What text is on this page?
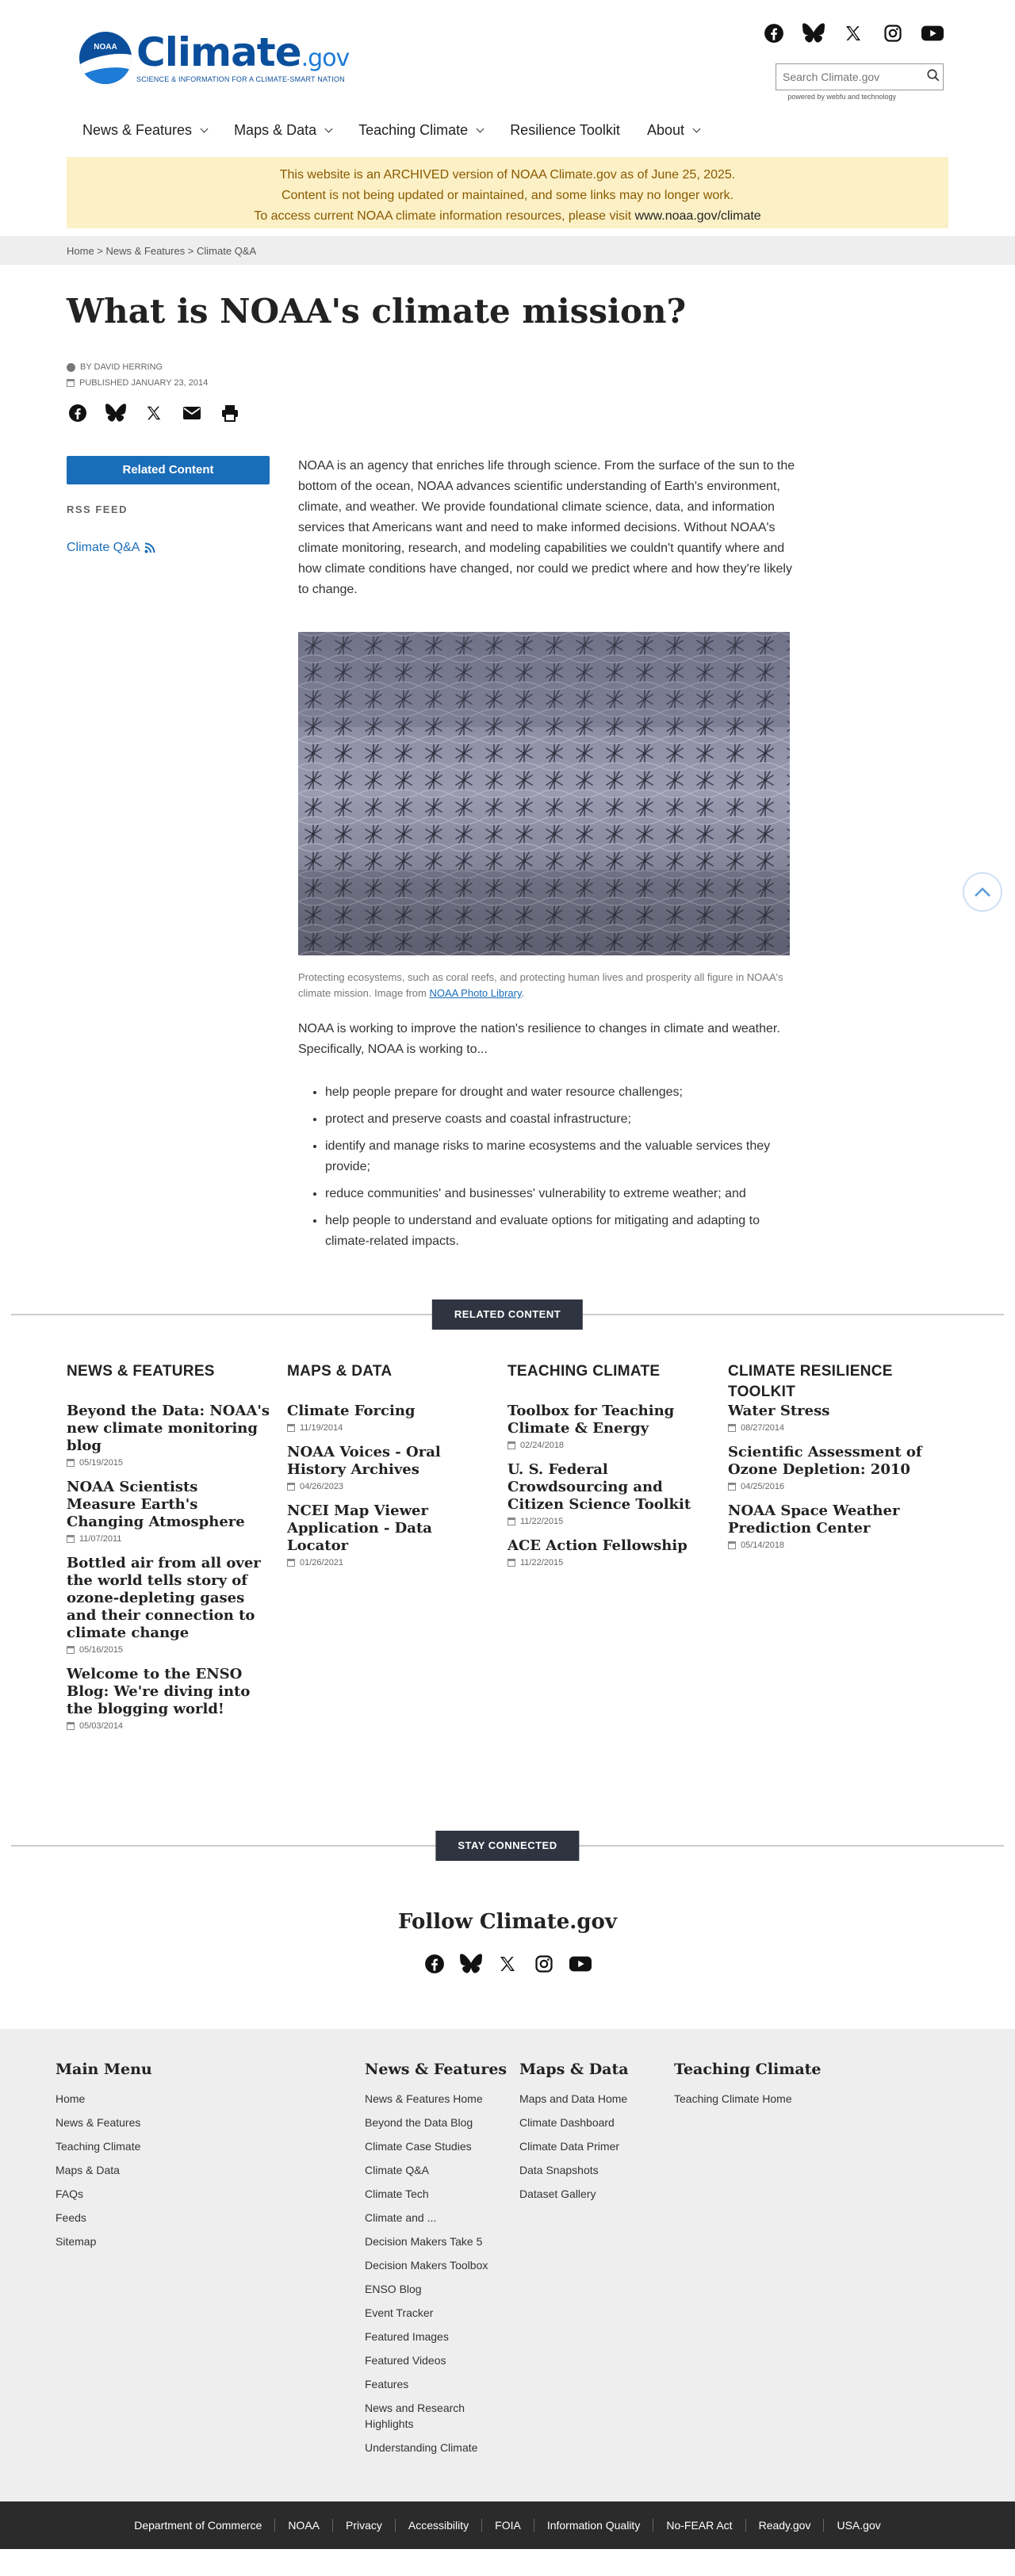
NOAA Climate.gov
SCIENCE & INFORMATION FOR A CLIMATE-SMART NATION
Search Climate.gov
powered by webfu and technology
News & Features	Maps & Data	Teaching Climate	Resilience Toolkit About
This website is an ARCHIVED version of NOAA Climate.gov as of June 25, 2025.
Content is not being updated or maintained, and some links may no longer work.
To access current NOAA climate information resources, please visit www.noaa.gov/climate
Home > News & Features > Climate Q&A
What is NOAA's climate mission?
BY DAVID HERRING
PUBLISHED JANUARY 23, 2014
Related Content
RSS FEED
Climate Q&A

NOAA is an agency that enriches life through science. From the surface of the sun to the bottom of the ocean, NOAA advances scientific understanding of Earth's environment, climate, and weather. We provide foundational climate science, data, and information services that Americans want and need to make informed decisions. Without NOAA's climate monitoring, research, and modeling capabilities we couldn't quantify where and how climate conditions have changed, nor could we predict where and how they're likely to change.

Protecting ecosystems, such as coral reefs, and protecting human lives and prosperity all figure in NOAA's climate mission. Image from NOAA Photo Library.

NOAA is working to improve the nation's resilience to changes in climate and weather. Specifically, NOAA is working to...

• help people prepare for drought and water resource challenges;
• protect and preserve coasts and coastal infrastructure;
• identify and manage risks to marine ecosystems and the valuable services they provide;
• reduce communities' and businesses' vulnerability to extreme weather; and
• help people to understand and evaluate options for mitigating and adapting to climate-related impacts.
RELATED CONTENT
NEWS & FEATURES
Beyond the Data: NOAA's new climate monitoring blog
05/19/2015
NOAA Scientists Measure Earth's Changing Atmosphere
11/07/2011
Bottled air from all over the world tells story of ozone-depleting gases and their connection to climate change
05/16/2015
Welcome to the ENSO Blog: We're diving into the blogging world!
05/03/2014
MAPS & DATA
Climate Forcing
11/19/2014
NOAA Voices - Oral History Archives
04/26/2023
NCEI Map Viewer Application - Data Locator
01/26/2021
TEACHING CLIMATE
Toolbox for Teaching Climate & Energy
02/24/2018
U. S. Federal Crowdsourcing and Citizen Science Toolkit
11/22/2015
ACE Action Fellowship
11/22/2015
CLIMATE RESILIENCE TOOLKIT
Water Stress
08/27/2014
Scientific Assessment of Ozone Depletion: 2010
04/25/2016
NOAA Space Weather Prediction Center
05/14/2018
STAY CONNECTED
Follow Climate.gov
Main Menu
Home
News & Features
Teaching Climate
Maps & Data
FAQs
Feeds
Sitemap
News & Features
News & Features Home
Beyond the Data Blog
Climate Case Studies
Climate Q&A
Climate Tech
Climate and ...
Decision Makers Take 5
Decision Makers Toolbox
ENSO Blog
Event Tracker
Featured Images
Featured Videos
Features
News and Research Highlights
Understanding Climate
Maps & Data
Maps and Data Home
Climate Dashboard
Climate Data Primer
Data Snapshots
Dataset Gallery
Teaching Climate
Teaching Climate Home
Department of Commerce	NOAA	Privacy	Accessibility	FOIA	Information Quality	No-FEAR Act	Ready.gov	USA.gov
